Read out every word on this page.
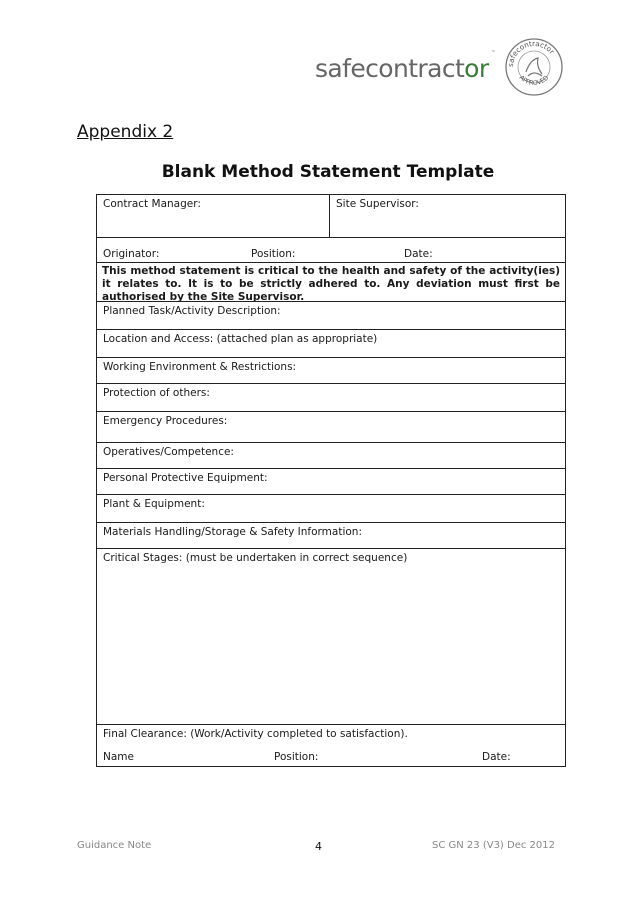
safecontractor
™
safecontractor
APPROVED
Appendix 2
Blank Method Statement Template
Contract Manager:	Site Supervisor:
Originator:	Position:	Date:
This method statement is critical to the health and safety of the activity(ies) it relates to. It is to be strictly adhered to. Any deviation must first be authorised by the Site Supervisor.
Planned Task/Activity Description:
Location and Access: (attached plan as appropriate)
Working Environment & Restrictions:
Protection of others:
Emergency Procedures:
Operatives/Competence:
Personal Protective Equipment:
Plant & Equipment:
Materials Handling/Storage & Safety Information:
Critical Stages: (must be undertaken in correct sequence)
Final Clearance: (Work/Activity completed to satisfaction).
Name	Position:	Date:
Guidance Note	4	SC GN 23 (V3) Dec 2012
